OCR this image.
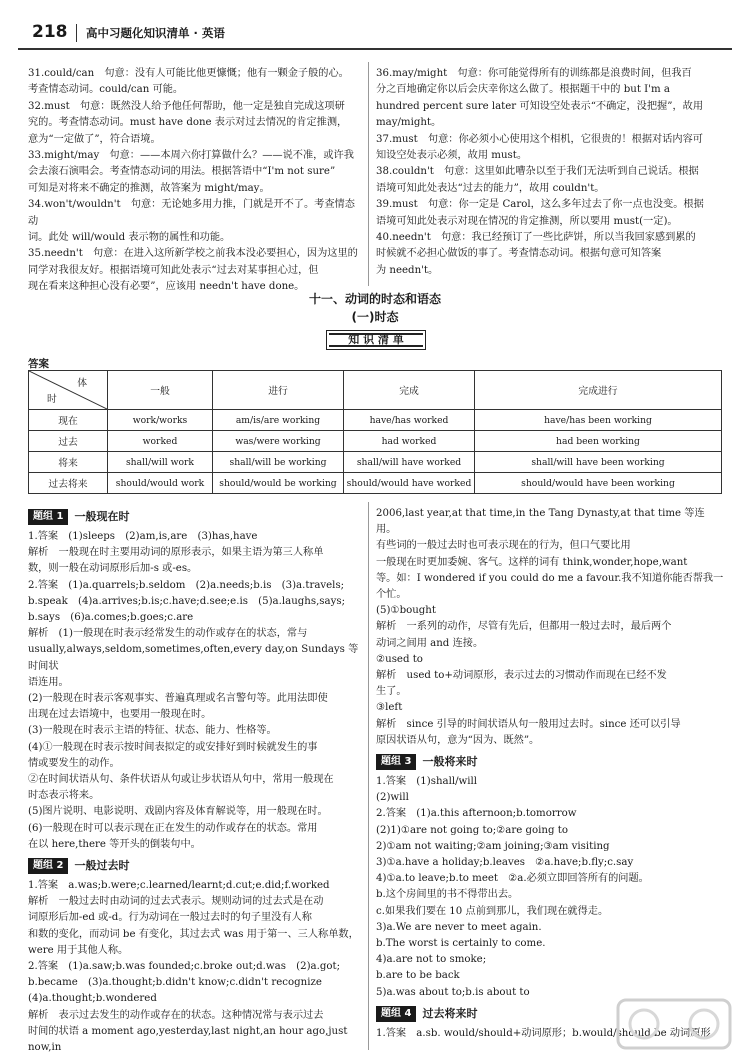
218 高中习题化知识清单 · 英语

31.could/can　句意：没有人可能比他更慷慨；他有一颗金子般的心。

考查情态动词。could/can 可能。

32.must　句意：既然没人给予他任何帮助，他一定是独自完成这项研

究的。考查情态动词。must have done 表示对过去情况的肯定推测，

意为“一定做了”，符合语境。

33.might/may　句意：——本周六你打算做什么？——说不准，或许我

会去滚石演唱会。考查情态动词的用法。根据答语中“I'm not sure”

可知是对将来不确定的推测，故答案为 might/may。

34.won't/wouldn't　句意：无论她多用力推，门就是开不了。考查情态动

词。此处 will/would 表示物的属性和功能。

35.needn't　句意：在进入这所新学校之前我本没必要担心，因为这里的

同学对我很友好。根据语境可知此处表示“过去对某事担心过，但

现在看来这种担心没有必要”，应该用 needn't have done。

36.may/might　句意：你可能觉得所有的训练都是浪费时间，但我百

分之百地确定你以后会庆幸你这么做了。根据题干中的 but I'm a

hundred percent sure later 可知设空处表示“不确定，没把握”，故用

may/might。

37.must　句意：你必须小心使用这个相机，它很贵的！根据对话内容可

知设空处表示必须，故用 must。

38.couldn't　句意：这里如此嘈杂以至于我们无法听到自己说话。根据

语境可知此处表达“过去的能力”，故用 couldn't。

39.must　句意：你一定是 Carol，这么多年过去了你一点也没变。根据

语境可知此处表示对现在情况的肯定推测，所以要用 must(一定)。

40.needn't　句意：我已经预订了一些比萨饼，所以当我回家感到累的

时候就不必担心做饭的事了。考查情态动词。根据句意可知答案

为 needn't。

十一、动词的时态和语态
(一)时态
知 识 清 单
答案
体
时	一般	进行	完成	完成进行
现在	work/works	am/is/are working	have/has worked	have/has been working
过去	worked	was/were working	had worked	had been working
将来	shall/will work	shall/will be working	shall/will have worked	shall/will have been working
过去将来	should/would work	should/would be working	should/would have worked	should/would have been working
题组 1	一般现在时

1.答案　(1)sleeps　(2)am,is,are　(3)has,have

解析　一般现在时主要用动词的原形表示，如果主语为第三人称单

数，则一般在动词原形后加-s 或-es。

2.答案　(1)a.quarrels;b.seldom　(2)a.needs;b.is　(3)a.travels;

b.speak　(4)a.arrives;b.is;c.have;d.see;e.is　(5)a.laughs,says;

b.says　(6)a.comes;b.goes;c.are

解析　(1)一般现在时表示经常发生的动作或存在的状态，常与

usually,always,seldom,sometimes,often,every day,on Sundays 等时间状

语连用。

(2)一般现在时表示客观事实、普遍真理或名言警句等。此用法即使

出现在过去语境中，也要用一般现在时。

(3)一般现在时表示主语的特征、状态、能力、性格等。

(4)①一般现在时表示按时间表拟定的或安排好到时候就发生的事

情或要发生的动作。

②在时间状语从句、条件状语从句或让步状语从句中，常用一般现在

时态表示将来。

(5)图片说明、电影说明、戏剧内容及体育解说等，用一般现在时。

(6)一般现在时可以表示现在正在发生的动作或存在的状态。常用

在以 here,there 等开头的倒装句中。

题组 2	一般过去时

1.答案　a.was;b.were;c.learned/learnt;d.cut;e.did;f.worked

解析　一般过去时由动词的过去式表示。规则动词的过去式是在动

词原形后加-ed 或-d。行为动词在一般过去时的句子里没有人称

和数的变化，而动词 be 有变化，其过去式 was 用于第一、三人称单数，

were 用于其他人称。

2.答案　(1)a.saw;b.was founded;c.broke out;d.was　(2)a.got;

b.became　(3)a.thought;b.didn't know;c.didn't recognize

(4)a.thought;b.wondered

解析　表示过去发生的动作或存在的状态。这种情况常与表示过去

时间的状语 a moment ago,yesterday,last night,an hour ago,just now,in

2006,last year,at that time,in the Tang Dynasty,at that time 等连用。

有些词的一般过去时也可表示现在的行为，但口气要比用

一般现在时更加委婉、客气。这样的词有 think,wonder,hope,want

等。如：I wondered if you could do me a favour.我不知道你能否帮我一

个忙。

(5)①bought

解析　一系列的动作，尽管有先后，但都用一般过去时，最后两个

动词之间用 and 连接。

②used to

解析　used to+动词原形，表示过去的习惯动作而现在已经不发

生了。

③left

解析　since 引导的时间状语从句一般用过去时。since 还可以引导

原因状语从句，意为“因为、既然”。

题组 3	一般将来时

1.答案　(1)shall/will

(2)will

2.答案　(1)a.this afternoon;b.tomorrow

(2)1)①are not going to;②are going to

2)①am not waiting;②am joining;③am visiting

3)①a.have a holiday;b.leaves　②a.have;b.fly;c.say

4)①a.to leave;b.to meet　②a.必须立即回答所有的问题。

b.这个房间里的书不得带出去。

c.如果我们要在 10 点前到那儿，我们现在就得走。

3)a.We are never to meet again.

b.The worst is certainly to come.

4)a.are not to smoke;

b.are to be back

5)a.was about to;b.is about to

题组 4	过去将来时

1.答案　a.sb. would/should+动词原形；b.would/should be 动词原形
